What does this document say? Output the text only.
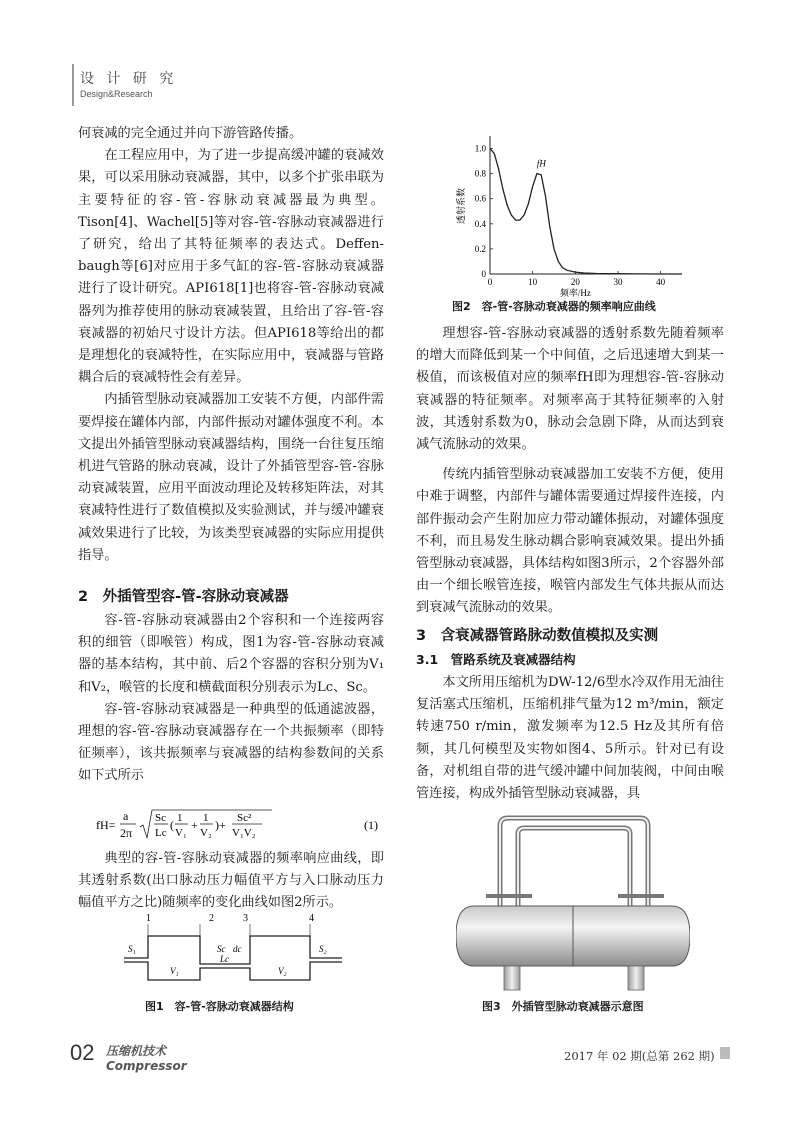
设 计 研 究
Design&Research

何衰减的完全通过并向下游管路传播。

在工程应用中，为了进一步提高缓冲罐的衰减效果，可以采用脉动衰减器，其中，以多个扩张串联为主要特征的容-管-容脉动衰减器最为典型。Tison[4]、Wachel[5]等对容-管-容脉动衰减器进行了研究，给出了其特征频率的表达式。Deffen-baugh等[6]对应用于多气缸的容-管-容脉动衰减器进行了设计研究。API618[1]也将容-管-容脉动衰减器列为推荐使用的脉动衰减装置，且给出了容-管-容衰减器的初始尺寸设计方法。但API618等给出的都是理想化的衰减特性，在实际应用中，衰减器与管路耦合后的衰减特性会有差异。

内插管型脉动衰减器加工安装不方便，内部件需要焊接在罐体内部，内部件振动对罐体强度不利。本文提出外插管型脉动衰减器结构，围绕一台往复压缩机进气管路的脉动衰减，设计了外插管型容-管-容脉动衰减装置，应用平面波动理论及转移矩阵法，对其衰减特性进行了数值模拟及实验测试，并与缓冲罐衰减效果进行了比较，为该类型衰减器的实际应用提供指导。

2　外插管型容-管-容脉动衰减器

容-管-容脉动衰减器由2个容积和一个连接两容积的细管（即喉管）构成，图1为容-管-容脉动衰减器的基本结构，其中前、后2个容器的容积分别为V₁和V₂，喉管的长度和横截面积分别表示为Lc、Sc。

容-管-容脉动衰减器是一种典型的低通滤波器，理想的容-管-容脉动衰减器存在一个共振频率（即特征频率），该共振频率与衰减器的结构参数间的关系如下式所示

fH=
a
2π
Sc
Lc
( 1
V₁
+ 1
V₂
)+ Sc²
V₁V₂
(1)

典型的容-管-容脉动衰减器的频率响应曲线，即其透射系数(出口脉动压力幅值平方与入口脉动压力幅值平方之比)随频率的变化曲线如图2所示。

1	2	3	4
S₁	Sc dc	S₂
V₁
Lc
V₂
图1　容-管-容脉动衰减器结构
1.0
0.8
0.6
0.4
0.2
0
0	10	20	30	40
fH
频率/Hz
透射系数
图2　容-管-容脉动衰减器的频率响应曲线

理想容-管-容脉动衰减器的透射系数先随着频率的增大而降低到某一个中间值，之后迅速增大到某一极值，而该极值对应的频率fH即为理想容-管-容脉动衰减器的特征频率。对频率高于其特征频率的入射波，其透射系数为0，脉动会急剧下降，从而达到衰减气流脉动的效果。

传统内插管型脉动衰减器加工安装不方便，使用中难于调整，内部件与罐体需要通过焊接件连接，内部件振动会产生附加应力带动罐体振动，对罐体强度不利，而且易发生脉动耦合影响衰减效果。提出外插管型脉动衰减器，具体结构如图3所示，2个容器外部由一个细长喉管连接，喉管内部发生气体共振从而达到衰减气流脉动的效果。

3　含衰减器管路脉动数值模拟及实测
3.1　管路系统及衰减器结构

本文所用压缩机为DW-12/6型水冷双作用无油往复活塞式压缩机，压缩机排气量为12 m³/min，额定转速750 r/min，激发频率为12.5 Hz及其所有倍频，其几何模型及实物如图4、5所示。针对已有设备，对机组自带的进气缓冲罐中间加装阀，中间由喉管连接，构成外插管型脉动衰减器，具

图3　外插管型脉动衰减器示意图
02 压缩机技术
Compressor
2017 年 02 期(总第 262 期)
